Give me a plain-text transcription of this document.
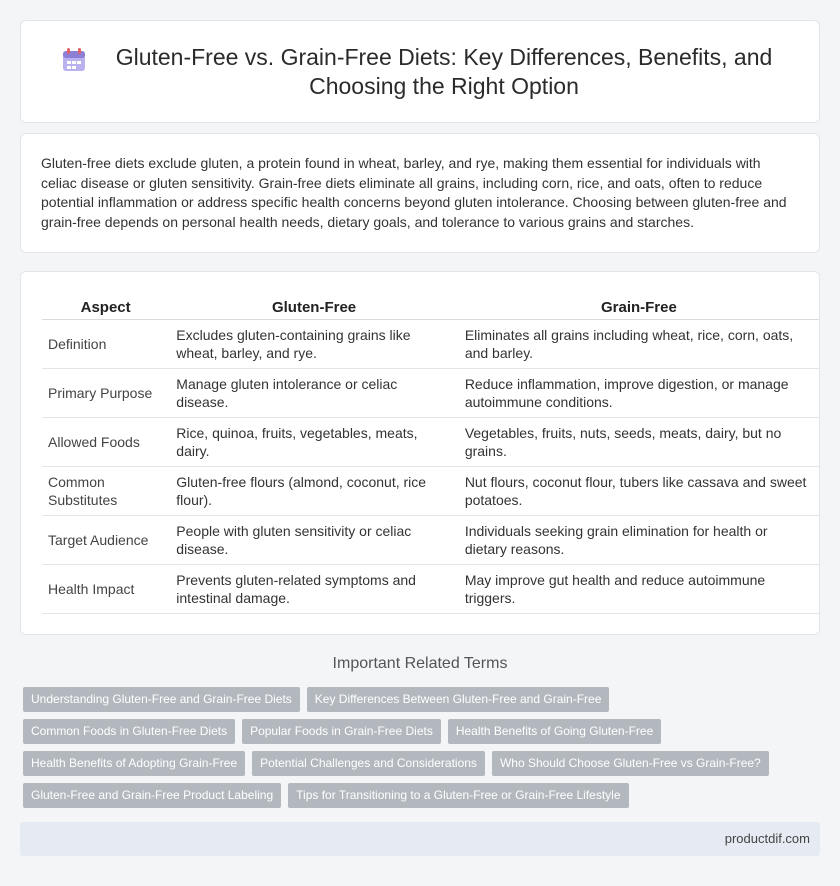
Gluten-Free vs. Grain-Free Diets: Key Differences, Benefits, and Choosing the Right Option

Gluten-free diets exclude gluten, a protein found in wheat, barley, and rye, making them essential for individuals with celiac disease or gluten sensitivity. Grain-free diets eliminate all grains, including corn, rice, and oats, often to reduce potential inflammation or address specific health concerns beyond gluten intolerance. Choosing between gluten-free and grain-free depends on personal health needs, dietary goals, and tolerance to various grains and starches.

Aspect	Gluten-Free	Grain-Free
Definition	Excludes gluten-containing grains like wheat, barley, and rye.	Eliminates all grains including wheat, rice, corn, oats, and barley.
Primary Purpose	Manage gluten intolerance or celiac disease.	Reduce inflammation, improve digestion, or manage autoimmune conditions.
Allowed Foods	Rice, quinoa, fruits, vegetables, meats, dairy.	Vegetables, fruits, nuts, seeds, meats, dairy, but no grains.
Common Substitutes	Gluten-free flours (almond, coconut, rice flour).	Nut flours, coconut flour, tubers like cassava and sweet potatoes.
Target Audience	People with gluten sensitivity or celiac disease.	Individuals seeking grain elimination for health or dietary reasons.
Health Impact	Prevents gluten-related symptoms and intestinal damage.	May improve gut health and reduce autoimmune triggers.
Important Related Terms
Understanding Gluten-Free and Grain-Free Diets	Key Differences Between Gluten-Free and Grain-Free
Common Foods in Gluten-Free Diets	Popular Foods in Grain-Free Diets	Health Benefits of Going Gluten-Free
Health Benefits of Adopting Grain-Free	Potential Challenges and Considerations	Who Should Choose Gluten-Free vs Grain-Free?
Gluten-Free and Grain-Free Product Labeling	Tips for Transitioning to a Gluten-Free or Grain-Free Lifestyle
productdif.com
